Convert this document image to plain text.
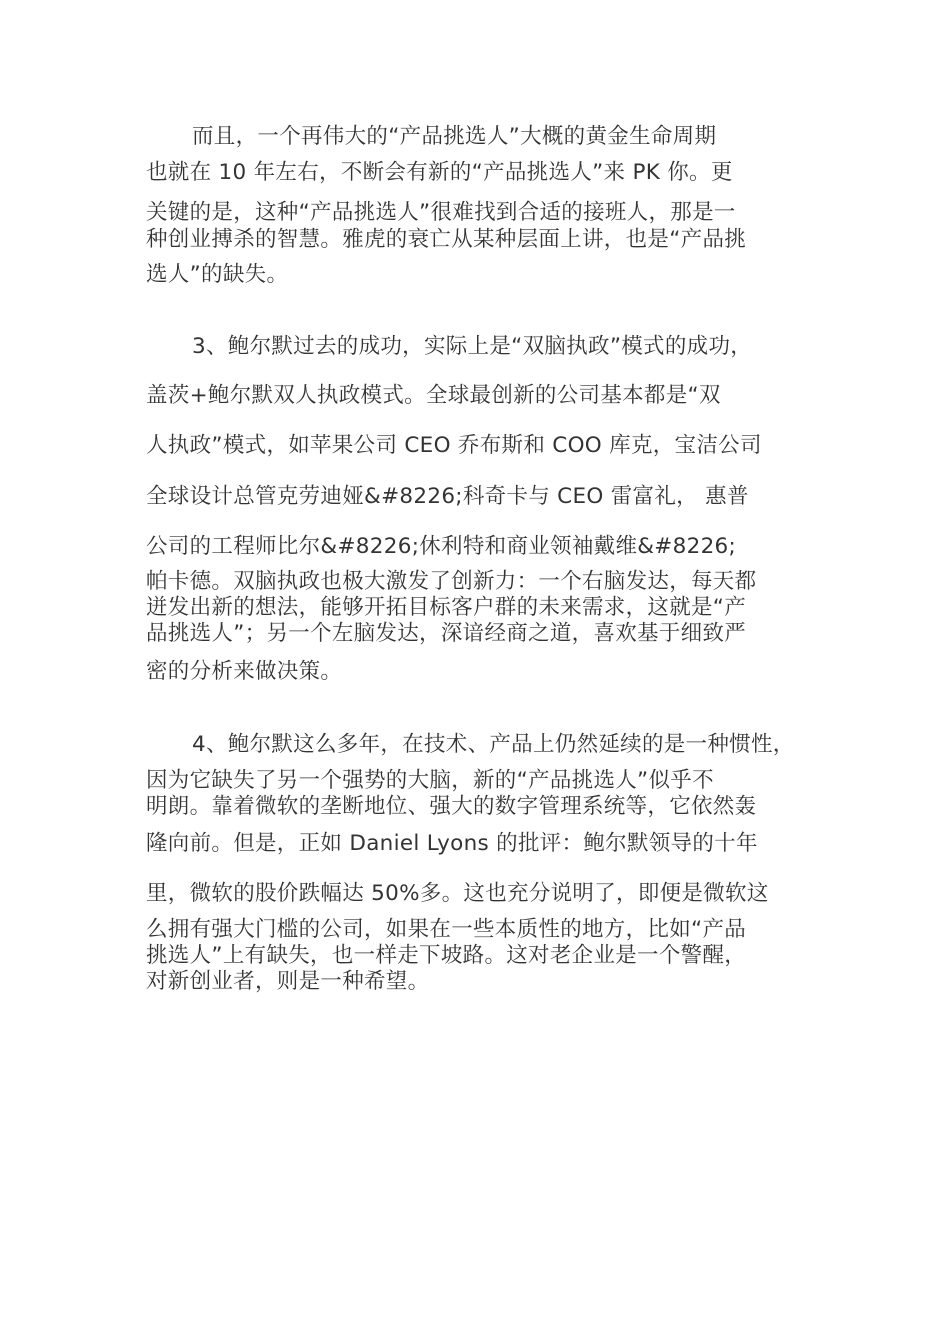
而且，一个再伟大的“产品挑选人”大概的黄金生命周期
也就在 10 年左右，不断会有新的“产品挑选人”来 PK 你。更
关键的是，这种“产品挑选人”很难找到合适的接班人，那是一
种创业搏杀的智慧。雅虎的衰亡从某种层面上讲，也是“产品挑
选人”的缺失。
3、鲍尔默过去的成功，实际上是“双脑执政”模式的成功，
盖茨+鲍尔默双人执政模式。全球最创新的公司基本都是“双
人执政”模式，如苹果公司 CEO 乔布斯和 COO 库克，宝洁公司
全球设计总管克劳迪娅&#8226;科奇卡与 CEO 雷富礼， 惠普
公司的工程师比尔&#8226;休利特和商业领袖戴维&#8226;
帕卡德。双脑执政也极大激发了创新力：一个右脑发达，每天都
迸发出新的想法，能够开拓目标客户群的未来需求，这就是“产
品挑选人”；另一个左脑发达，深谙经商之道，喜欢基于细致严
密的分析来做决策。
4、鲍尔默这么多年，在技术、产品上仍然延续的是一种惯性，
因为它缺失了另一个强势的大脑，新的“产品挑选人”似乎不
明朗。靠着微软的垄断地位、强大的数字管理系统等，它依然轰
隆向前。但是，正如 Daniel Lyons 的批评：鲍尔默领导的十年
里，微软的股价跌幅达 50%多。这也充分说明了，即便是微软这
么拥有强大门槛的公司，如果在一些本质性的地方，比如“产品
挑选人”上有缺失，也一样走下坡路。这对老企业是一个警醒，
对新创业者，则是一种希望。
